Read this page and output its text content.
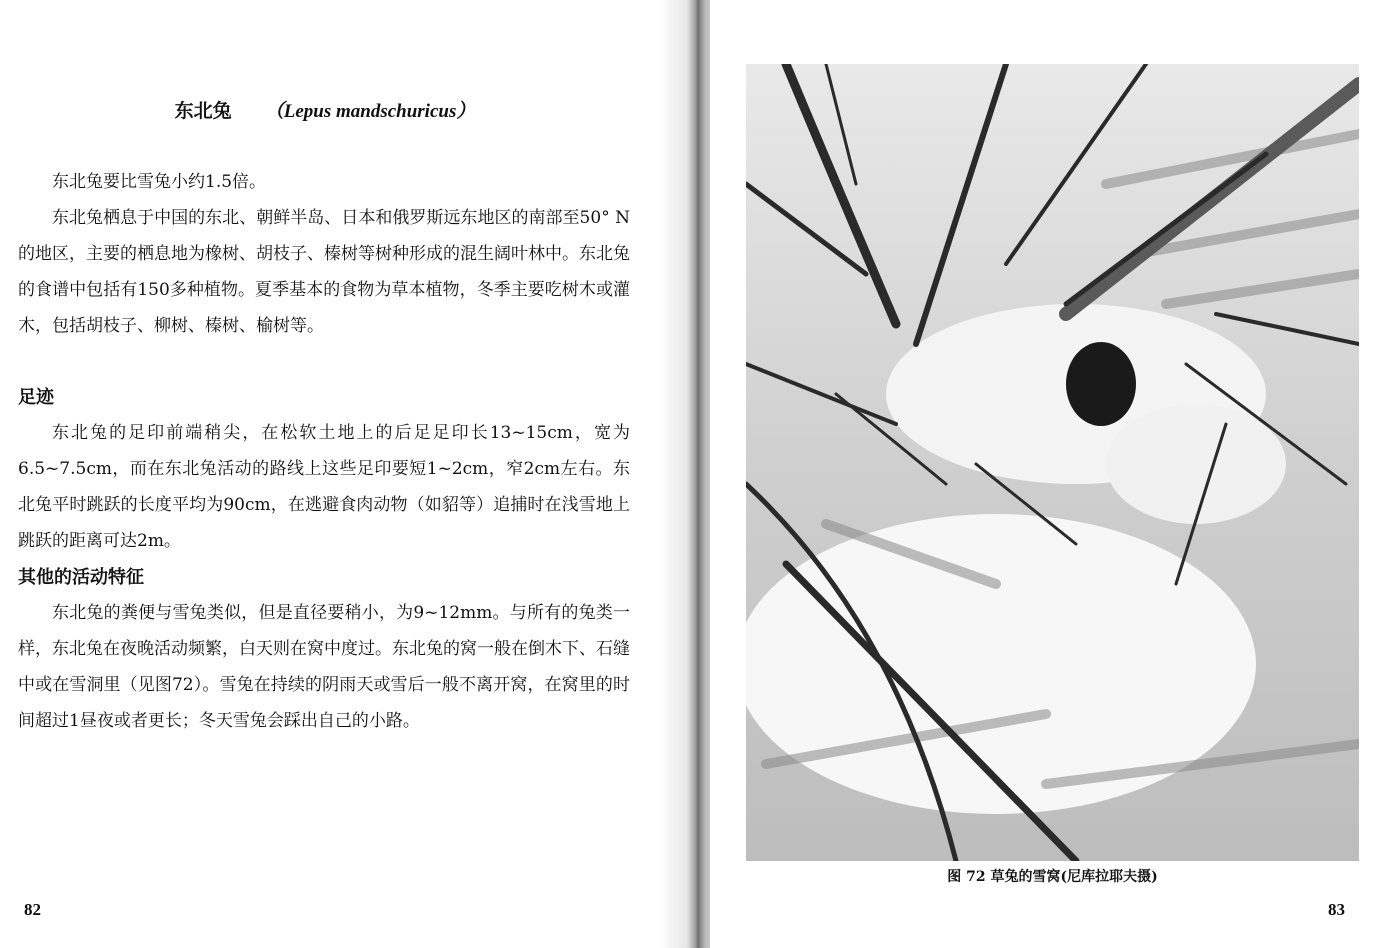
东北兔 （Lepus mandschuricus）

东北兔要比雪兔小约1.5倍。

东北兔栖息于中国的东北、朝鲜半岛、日本和俄罗斯远东地区的南部至50° N的地区，主要的栖息地为橡树、胡枝子、榛树等树种形成的混生阔叶林中。东北兔的食谱中包括有150多种植物。夏季基本的食物为草本植物，冬季主要吃树木或灌木，包括胡枝子、柳树、榛树、榆树等。

足迹

东北兔的足印前端稍尖，在松软土地上的后足足印长13~15cm，宽为6.5~7.5cm，而在东北兔活动的路线上这些足印要短1~2cm，窄2cm左右。东北兔平时跳跃的长度平均为90cm，在逃避食肉动物（如貂等）追捕时在浅雪地上跳跃的距离可达2m。

其他的活动特征

东北兔的粪便与雪兔类似，但是直径要稍小，为9~12mm。与所有的兔类一样，东北兔在夜晚活动频繁，白天则在窝中度过。东北兔的窝一般在倒木下、石缝中或在雪洞里（见图72）。雪兔在持续的阴雨天或雪后一般不离开窝，在窝里的时间超过1昼夜或者更长；冬天雪兔会踩出自己的小路。

82	83
图 72 草兔的雪窝(尼库拉耶夫摄)
